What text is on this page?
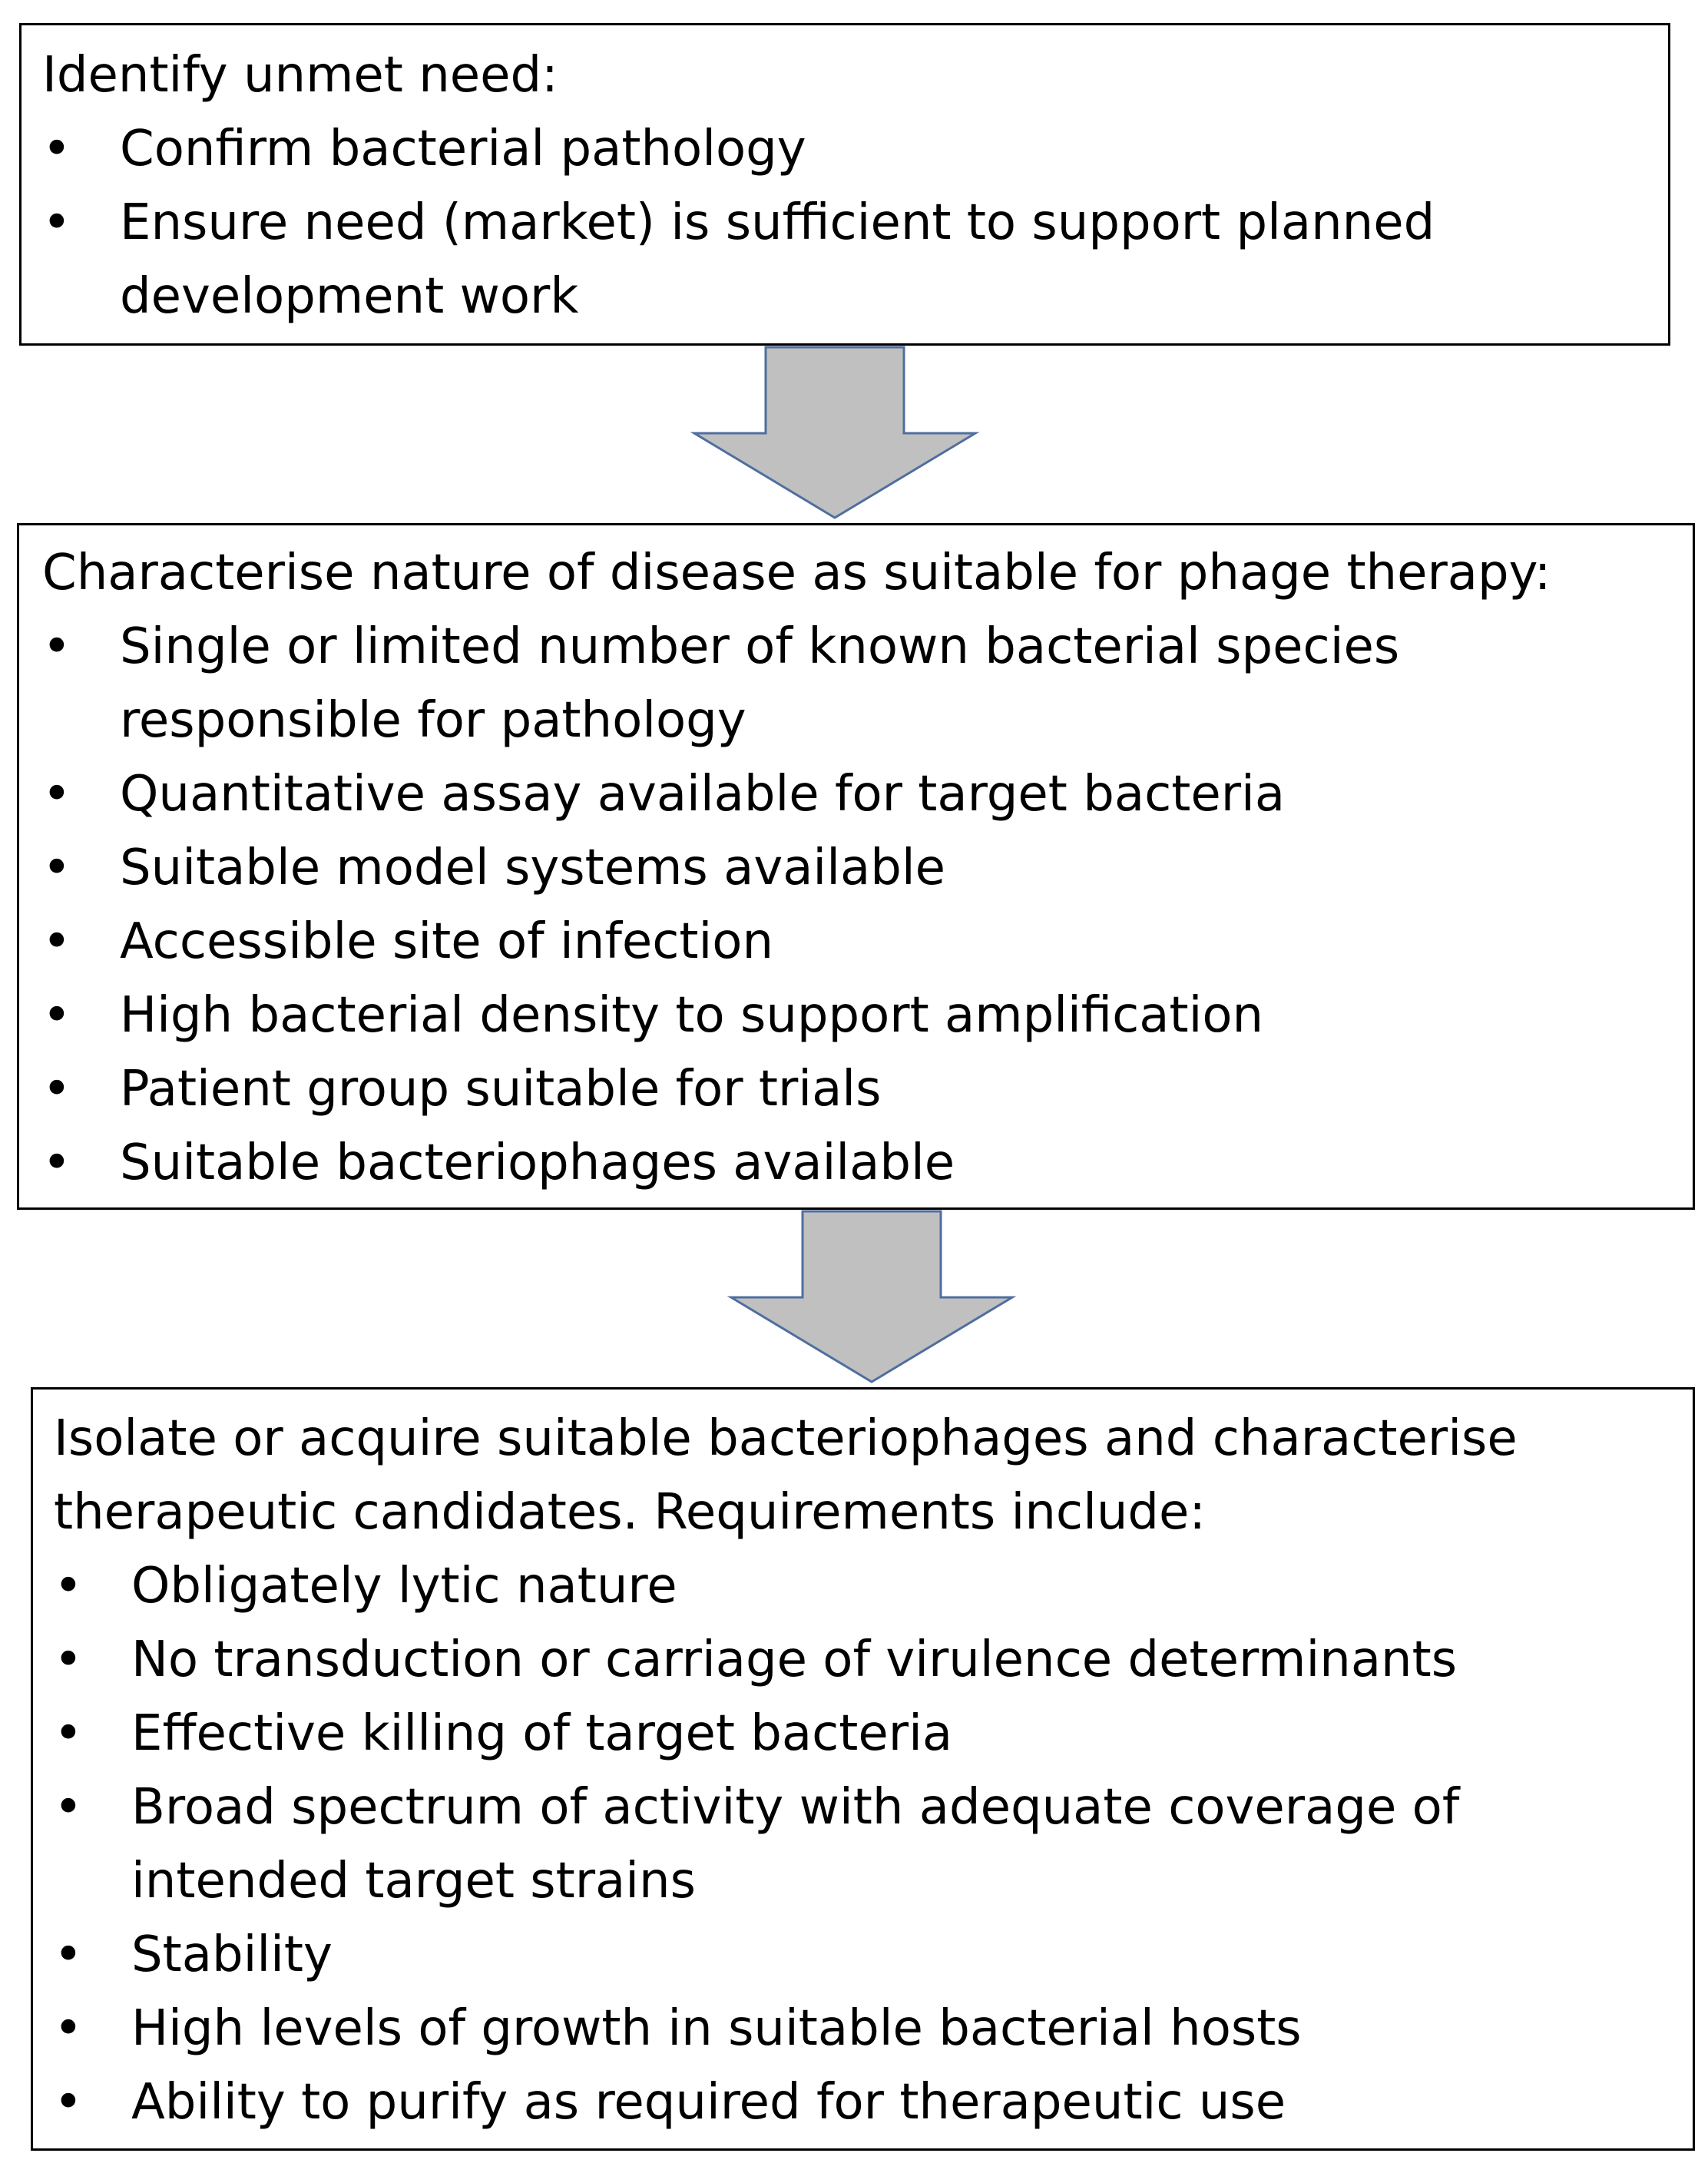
Identify unmet need:
• Confirm bacterial pathology
• Ensure need (market) is sufficient to support planned
development work
Characterise nature of disease as suitable for phage therapy:
• Single or limited number of known bacterial species
responsible for pathology
• Quantitative assay available for target bacteria
• Suitable model systems available
• Accessible site of infection
• High bacterial density to support amplification
• Patient group suitable for trials
• Suitable bacteriophages available
Isolate or acquire suitable bacteriophages and characterise
therapeutic candidates. Requirements include:
• Obligately lytic nature
• No transduction or carriage of virulence determinants
• Effective killing of target bacteria
• Broad spectrum of activity with adequate coverage of
intended target strains
• Stability
• High levels of growth in suitable bacterial hosts
• Ability to purify as required for therapeutic use
